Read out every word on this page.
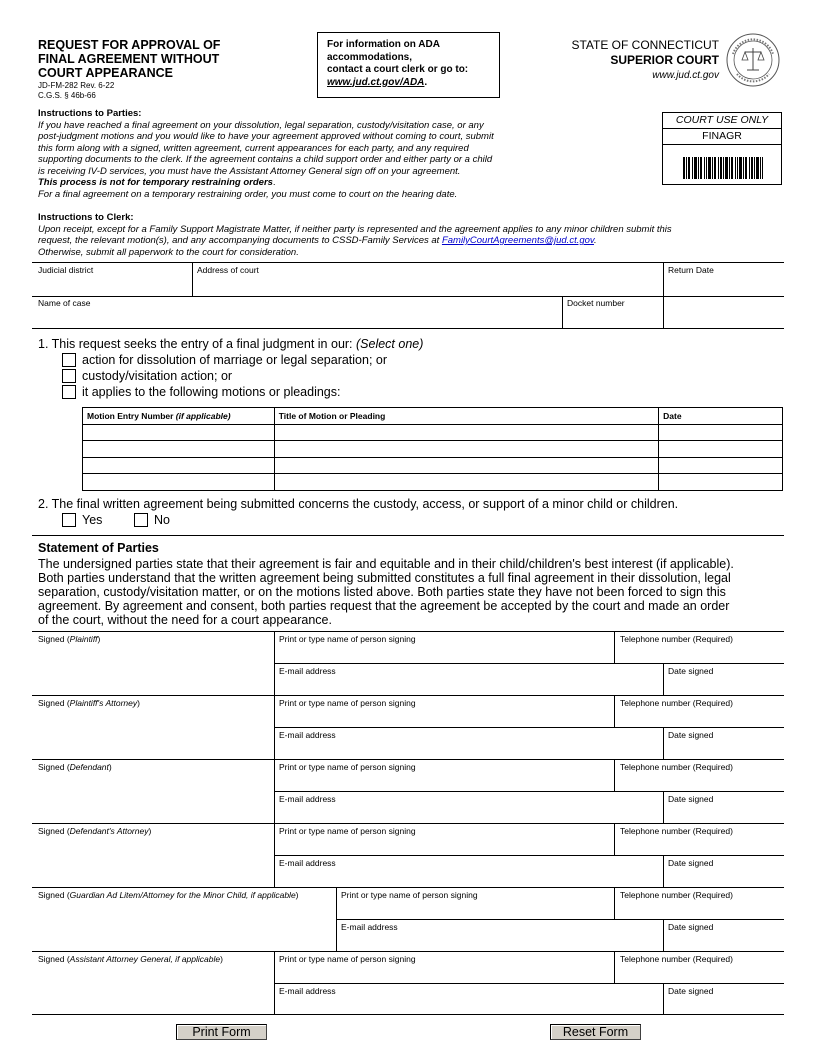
REQUEST FOR APPROVAL OF
FINAL AGREEMENT WITHOUT
COURT APPEARANCE
JD-FM-282 Rev. 6-22
C.G.S. § 46b-66
For information on ADA
accommodations,
contact a court clerk or go to:
www.jud.ct.gov/ADA.
STATE OF CONNECTICUT
SUPERIOR COURT
www.jud.ct.gov
COURT USE ONLY
FINAGR
Instructions to Parties:
If you have reached a final agreement on your dissolution, legal separation, custody/visitation case, or any
post-judgment motions and you would like to have your agreement approved without coming to court, submit
this form along with a signed, written agreement, current appearances for each party, and any required
supporting documents to the clerk. If the agreement contains a child support order and either party or a child
is receiving IV-D services, you must have the Assistant Attorney General sign off on your agreement.
This process is not for temporary restraining orders.
For a final agreement on a temporary restraining order, you must come to court on the hearing date.
Instructions to Clerk:
Upon receipt, except for a Family Support Magistrate Matter, if neither party is represented and the agreement applies to any minor children submit this
request, the relevant motion(s), and any accompanying documents to CSSD-Family Services at FamilyCourtAgreements@jud.ct.gov.
Otherwise, submit all paperwork to the court for consideration.
Judicial district	Address of court	Return Date
Name of case	Docket number
1. This request seeks the entry of a final judgment in our: (Select one)
action for dissolution of marriage or legal separation; or
custody/visitation action; or
it applies to the following motions or pleadings:
Motion Entry Number (if applicable)	Title of Motion or Pleading	Date

2. The final written agreement being submitted concerns the custody, access, or support of a minor child or children.
Yes	No
Statement of Parties
The undersigned parties state that their agreement is fair and equitable and in their child/children's best interest (if applicable).
Both parties understand that the written agreement being submitted constitutes a full final agreement in their dissolution, legal
separation, custody/visitation matter, or on the motions listed above. Both parties state they have not been forced to sign this
agreement. By agreement and consent, both parties request that the agreement be accepted by the court and made an order
of the court, without the need for a court appearance.
Signed (Plaintiff)	Print or type name of person signing	Telephone number (Required)
E-mail address	Date signed
Signed (Plaintiff's Attorney)	Print or type name of person signing	Telephone number (Required)
E-mail address	Date signed
Signed (Defendant)	Print or type name of person signing	Telephone number (Required)
E-mail address	Date signed
Signed (Defendant's Attorney)	Print or type name of person signing	Telephone number (Required)
E-mail address	Date signed
Signed (Guardian Ad Litem/Attorney for the Minor Child, if applicable)	Print or type name of person signing	Telephone number (Required)
E-mail address	Date signed
Signed (Assistant Attorney General, if applicable)	Print or type name of person signing	Telephone number (Required)
E-mail address	Date signed
Print Form	Reset Form
